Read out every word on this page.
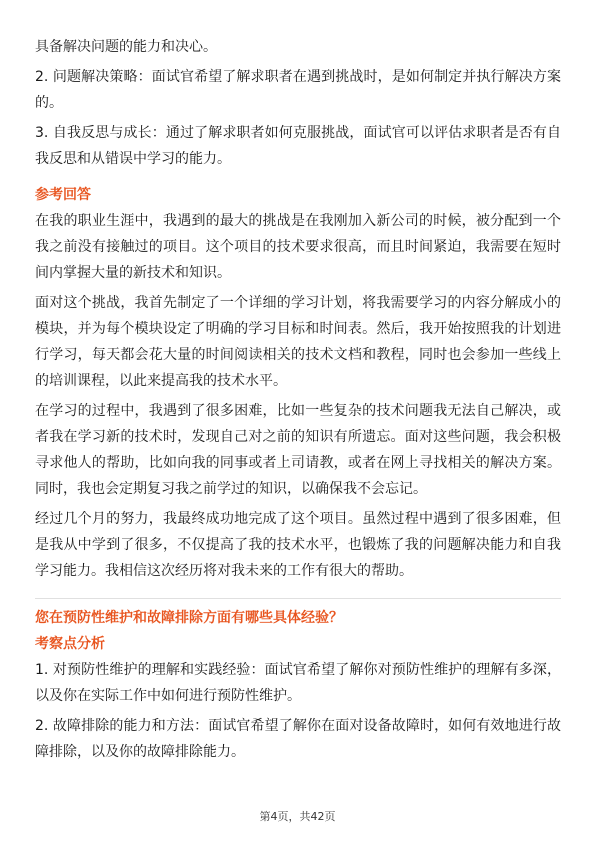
具备解决问题的能力和决心。

2. 问题解决策略：面试官希望了解求职者在遇到挑战时，是如何制定并执行解决方案的。

3. 自我反思与成长：通过了解求职者如何克服挑战，面试官可以评估求职者是否有自我反思和从错误中学习的能力。

参考回答

在我的职业生涯中，我遇到的最大的挑战是在我刚加入新公司的时候，被分配到一个我之前没有接触过的项目。这个项目的技术要求很高，而且时间紧迫，我需要在短时间内掌握大量的新技术和知识。

面对这个挑战，我首先制定了一个详细的学习计划，将我需要学习的内容分解成小的模块，并为每个模块设定了明确的学习目标和时间表。然后，我开始按照我的计划进行学习，每天都会花大量的时间阅读相关的技术文档和教程，同时也会参加一些线上的培训课程，以此来提高我的技术水平。

在学习的过程中，我遇到了很多困难，比如一些复杂的技术问题我无法自己解决，或者我在学习新的技术时，发现自己对之前的知识有所遗忘。面对这些问题，我会积极寻求他人的帮助，比如向我的同事或者上司请教，或者在网上寻找相关的解决方案。同时，我也会定期复习我之前学过的知识，以确保我不会忘记。

经过几个月的努力，我最终成功地完成了这个项目。虽然过程中遇到了很多困难，但是我从中学到了很多，不仅提高了我的技术水平，也锻炼了我的问题解决能力和自我学习能力。我相信这次经历将对我未来的工作有很大的帮助。

您在预防性维护和故障排除方面有哪些具体经验？

考察点分析

1. 对预防性维护的理解和实践经验：面试官希望了解你对预防性维护的理解有多深，以及你在实际工作中如何进行预防性维护。

2. 故障排除的能力和方法：面试官希望了解你在面对设备故障时，如何有效地进行故障排除，以及你的故障排除能力。

第4页，共42页
